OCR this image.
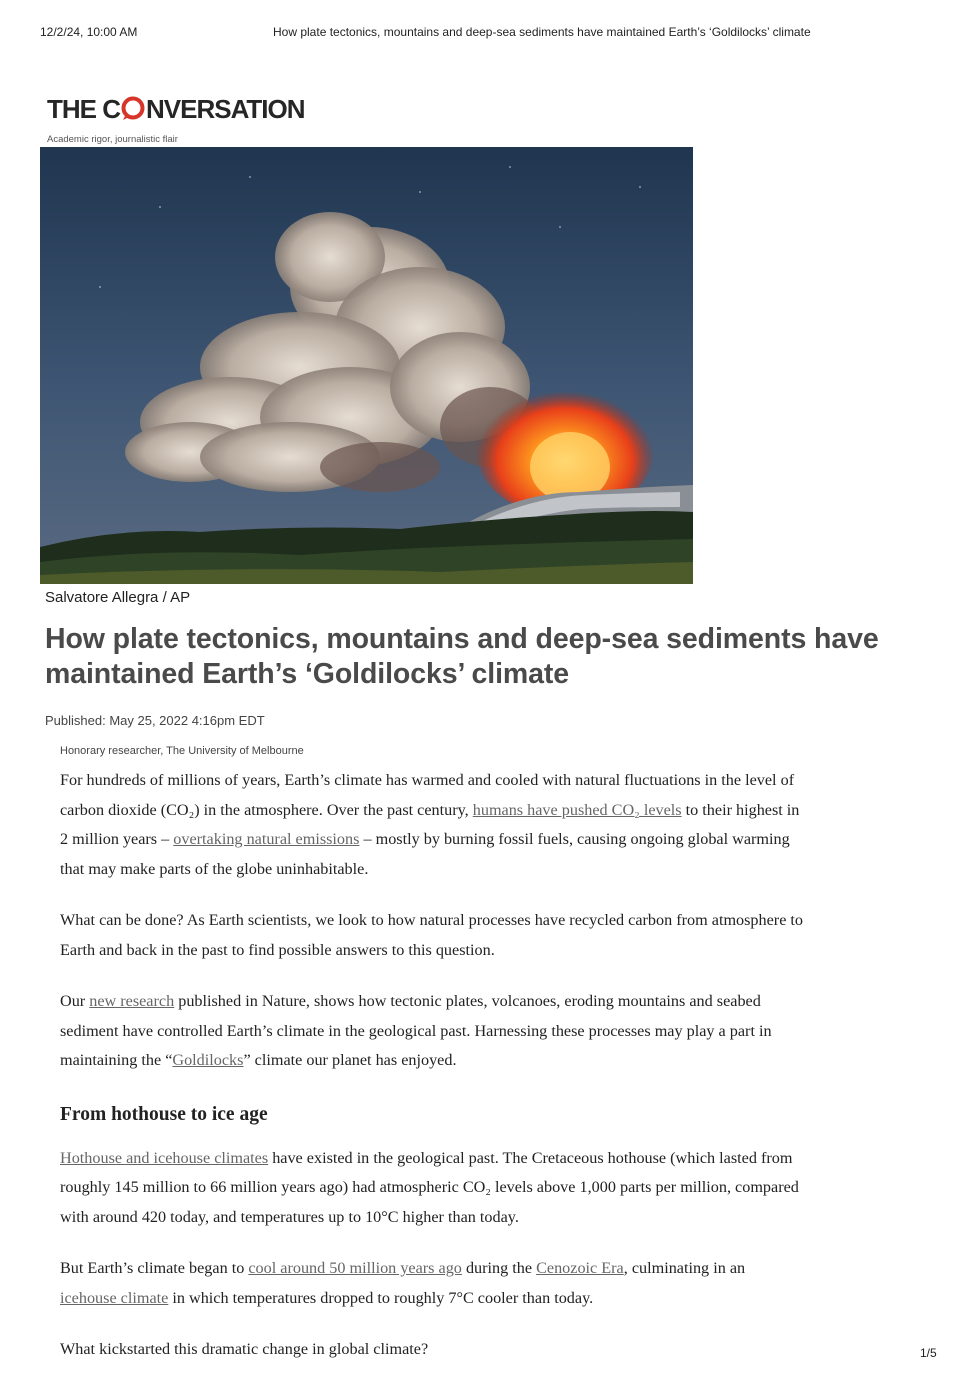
12/2/24, 10:00 AM	How plate tectonics, mountains and deep-sea sediments have maintained Earth’s ‘Goldilocks’ climate
THE C NVERSATION
Academic rigor, journalistic flair
Salvatore Allegra / AP
How plate tectonics, mountains and deep-sea sediments have maintained Earth’s ‘Goldilocks’ climate
Published: May 25, 2022 4:16pm EDT
Honorary researcher, The University of Melbourne

For hundreds of millions of years, Earth’s climate has warmed and cooled with natural fluctuations in the level of carbon dioxide (CO₂) in the atmosphere. Over the past century, humans have pushed CO₂ levels to their highest in 2 million years – overtaking natural emissions – mostly by burning fossil fuels, causing ongoing global warming that may make parts of the globe uninhabitable.

What can be done? As Earth scientists, we look to how natural processes have recycled carbon from atmosphere to Earth and back in the past to find possible answers to this question.

Our new research published in Nature, shows how tectonic plates, volcanoes, eroding mountains and seabed sediment have controlled Earth’s climate in the geological past. Harnessing these processes may play a part in maintaining the “Goldilocks” climate our planet has enjoyed.

From hothouse to ice age

Hothouse and icehouse climates have existed in the geological past. The Cretaceous hothouse (which lasted from roughly 145 million to 66 million years ago) had atmospheric CO₂ levels above 1,000 parts per million, compared with around 420 today, and temperatures up to 10°C higher than today.

But Earth’s climate began to cool around 50 million years ago during the Cenozoic Era, culminating in an icehouse climate in which temperatures dropped to roughly 7°C cooler than today.

What kickstarted this dramatic change in global climate?	1/5
